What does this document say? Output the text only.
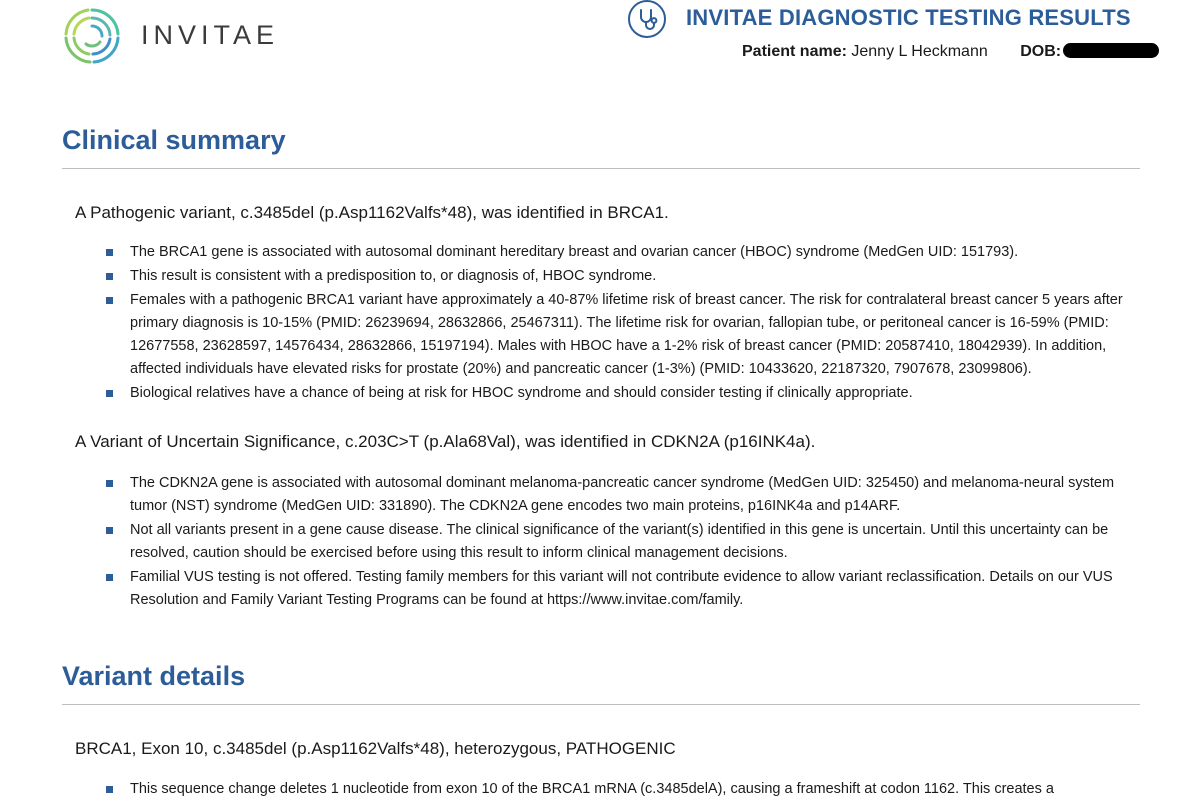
INVITAE
INVITAE DIAGNOSTIC TESTING RESULTS
Patient name: Jenny L Heckmann DOB:
Clinical summary
A Pathogenic variant, c.3485del (p.Asp1162Valfs*48), was identified in BRCA1.
The BRCA1 gene is associated with autosomal dominant hereditary breast and ovarian cancer (HBOC) syndrome (MedGen UID: 151793).
This result is consistent with a predisposition to, or diagnosis of, HBOC syndrome.
Females with a pathogenic BRCA1 variant have approximately a 40-87% lifetime risk of breast cancer. The risk for contralateral breast cancer 5 years after primary diagnosis is 10-15% (PMID: 26239694, 28632866, 25467311). The lifetime risk for ovarian, fallopian tube, or peritoneal cancer is 16-59% (PMID: 12677558, 23628597, 14576434, 28632866, 15197194). Males with HBOC have a 1-2% risk of breast cancer (PMID: 20587410, 18042939). In addition, affected individuals have elevated risks for prostate (20%) and pancreatic cancer (1-3%) (PMID: 10433620, 22187320, 7907678, 23099806).
Biological relatives have a chance of being at risk for HBOC syndrome and should consider testing if clinically appropriate.
A Variant of Uncertain Significance, c.203C>T (p.Ala68Val), was identified in CDKN2A (p16INK4a).
The CDKN2A gene is associated with autosomal dominant melanoma-pancreatic cancer syndrome (MedGen UID: 325450) and melanoma-neural system tumor (NST) syndrome (MedGen UID: 331890). The CDKN2A gene encodes two main proteins, p16INK4a and p14ARF.
Not all variants present in a gene cause disease. The clinical significance of the variant(s) identified in this gene is uncertain. Until this uncertainty can be resolved, caution should be exercised before using this result to inform clinical management decisions.
Familial VUS testing is not offered. Testing family members for this variant will not contribute evidence to allow variant reclassification. Details on our VUS Resolution and Family Variant Testing Programs can be found at https://www.invitae.com/family.
Variant details
BRCA1, Exon 10, c.3485del (p.Asp1162Valfs*48), heterozygous, PATHOGENIC
This sequence change deletes 1 nucleotide from exon 10 of the BRCA1 mRNA (c.3485delA), causing a frameshift at codon 1162. This creates a
